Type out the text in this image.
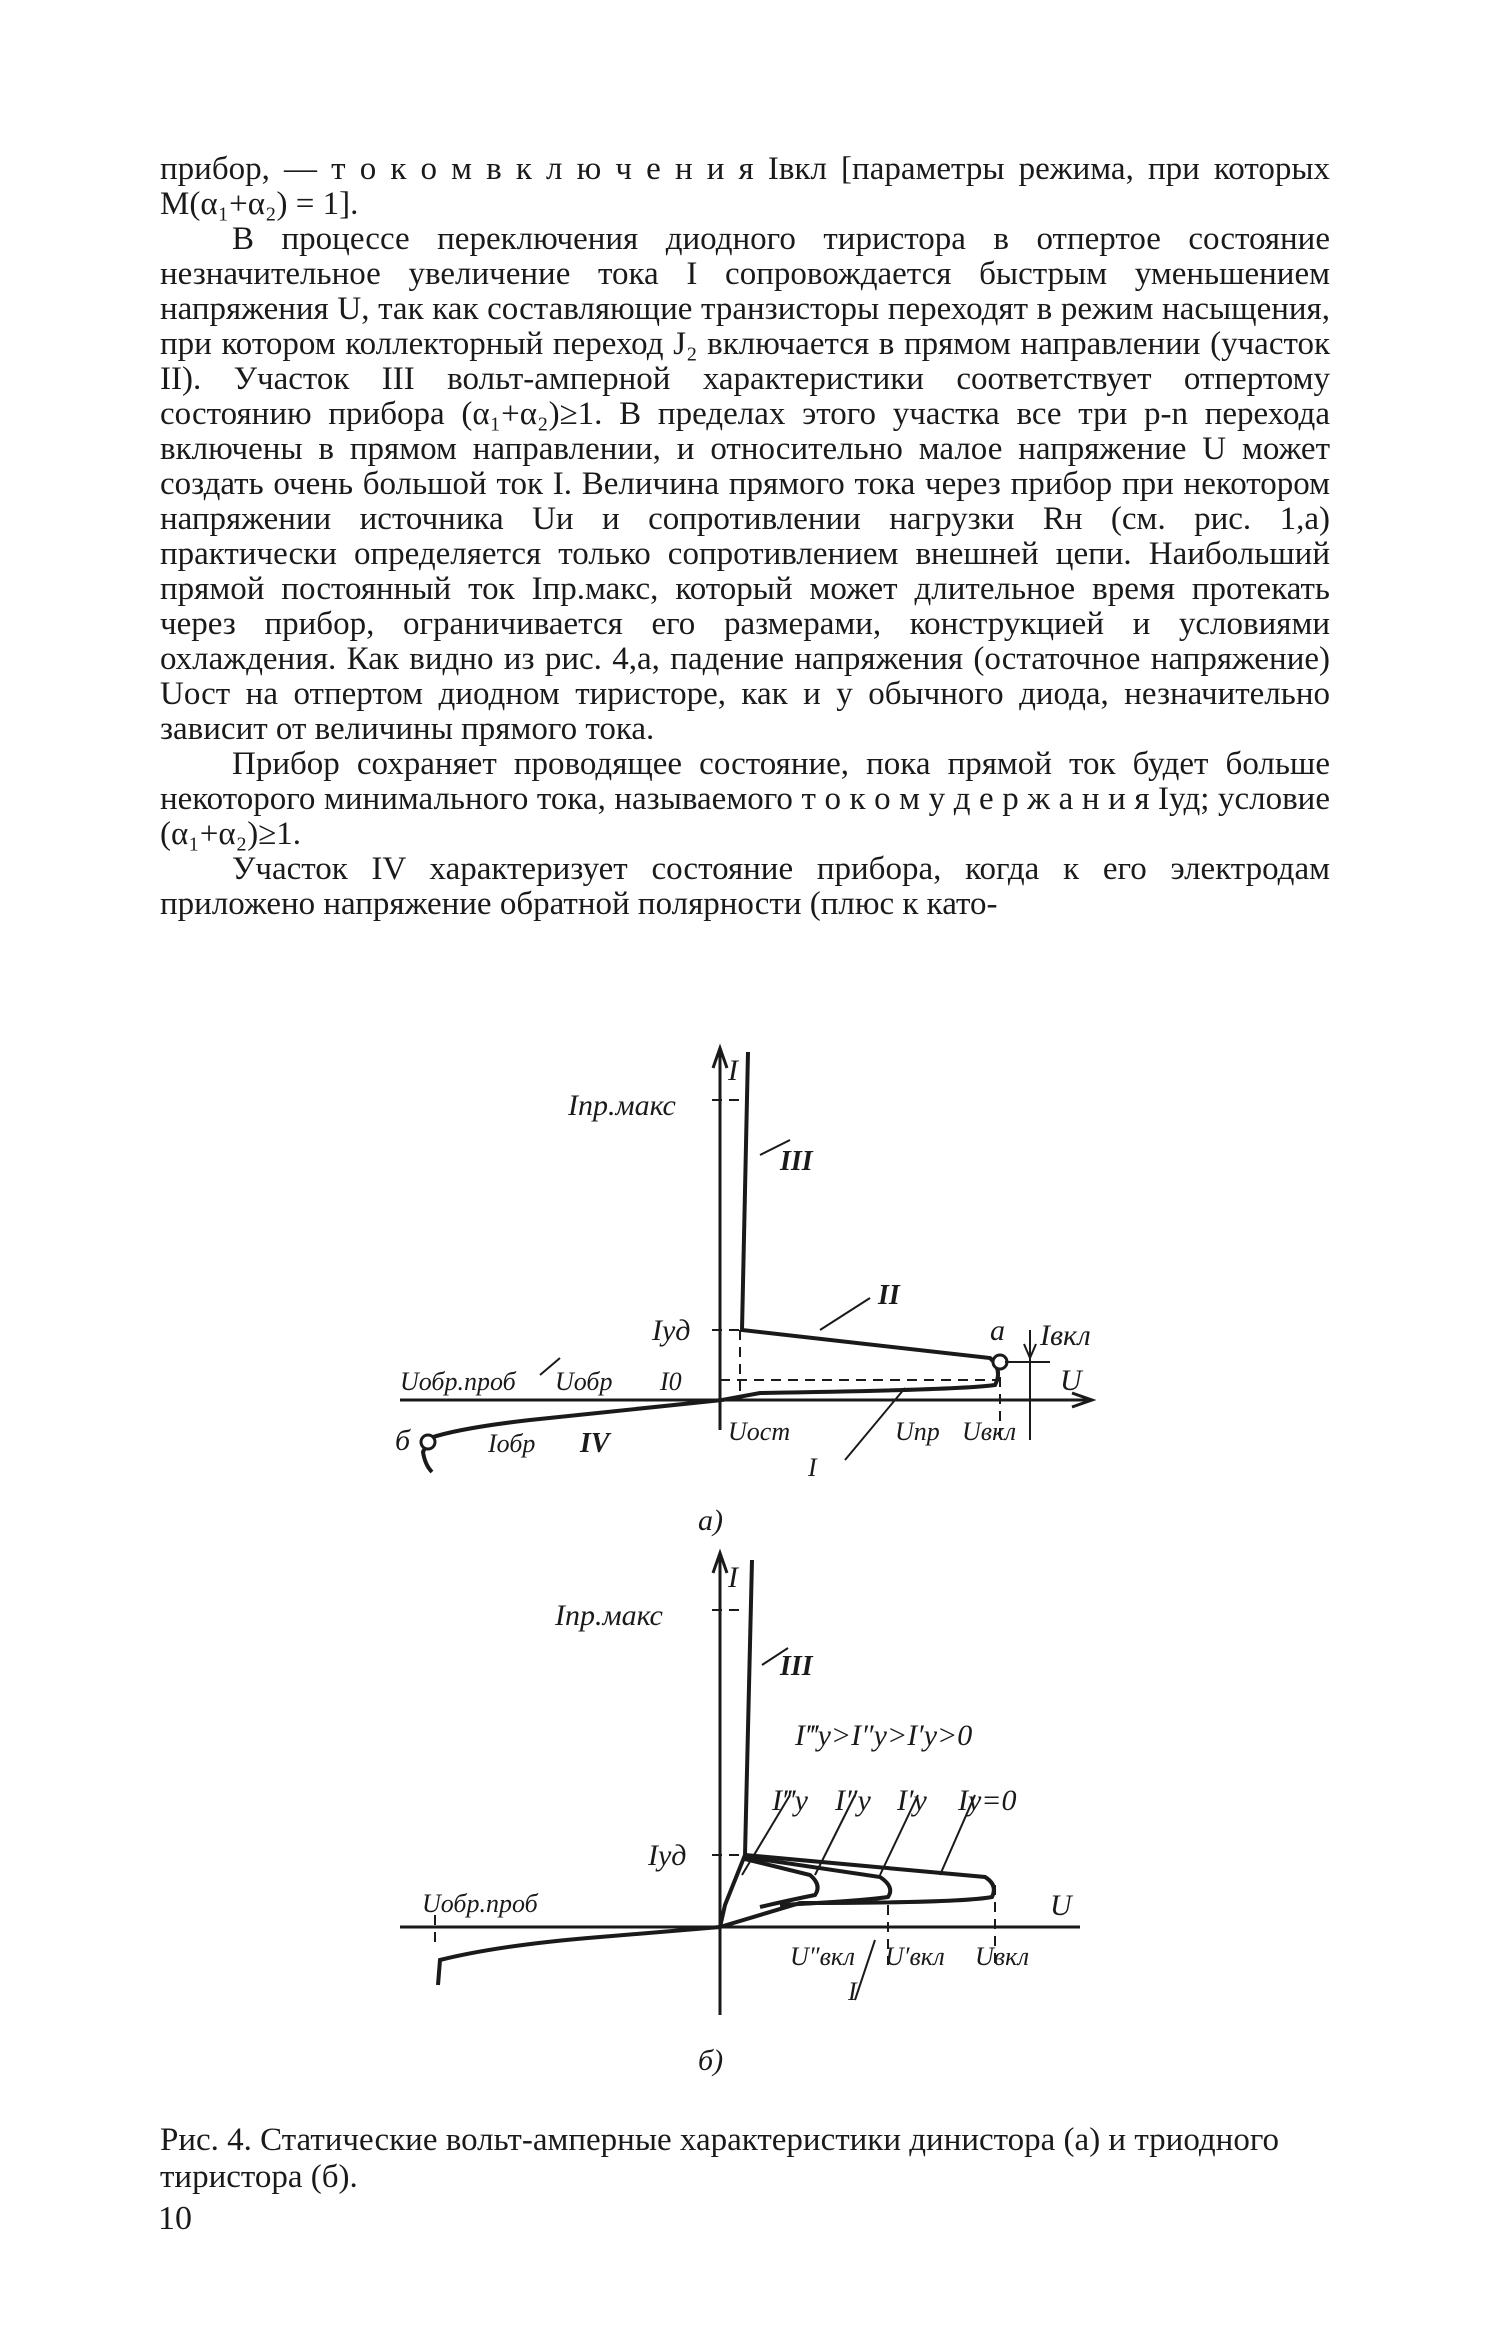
прибор, — т о к о м в к л ю ч е н и я Iвкл [параметры режима, при которых M(α₁+α₂) = 1].

В процессе переключения диодного тиристора в отпертое состояние незначительное увеличение тока I сопровождается быстрым уменьшением напряжения U, так как составляющие транзисторы переходят в режим насыщения, при котором коллекторный переход J₂ включается в прямом направлении (участок II). Участок III вольт-амперной характеристики соответствует отпертому состоянию прибора (α₁+α₂)≥1. В пределах этого участка все три p-n перехода включены в прямом направлении, и относительно малое напряжение U может создать очень большой ток I. Величина прямого тока через прибор при некотором напряжении источника Uи и сопротивлении нагрузки Rн (см. рис. 1,а) практически определяется только сопротивлением внешней цепи. Наибольший прямой постоянный ток Iпр.макс, который может длительное время протекать через прибор, ограничивается его размерами, конструкцией и условиями охлаждения. Как видно из рис. 4,а, падение напряжения (остаточное напряжение) Uост на отпертом диодном тиристоре, как и у обычного диода, незначительно зависит от величины прямого тока.

Прибор сохраняет проводящее состояние, пока прямой ток будет больше некоторого минимального тока, называемого т о к о м у д е р ж а н и я Iуд; условие (α₁+α₂)≥1.

Участок IV характеризует состояние прибора, когда к его электродам приложено напряжение обратной полярности (плюс к като-

I
Iпр.макс
III
II
Iуд	а Iвкл
U
Uобр.проб Uобр I0
б	Iобр IV	Uост
I
Uпр Uвкл
а)
I
Iпр.макс
III
I‴у>I″у>I′у>0
I‴у I″у I′у Iу=0
Iуд
Uобр.проб	U
U″вкл U′вкл Uвкл
I
б)
Рис. 4. Статические вольт-амперные характеристики динистора (а) и триодного тиристора (б).
10
